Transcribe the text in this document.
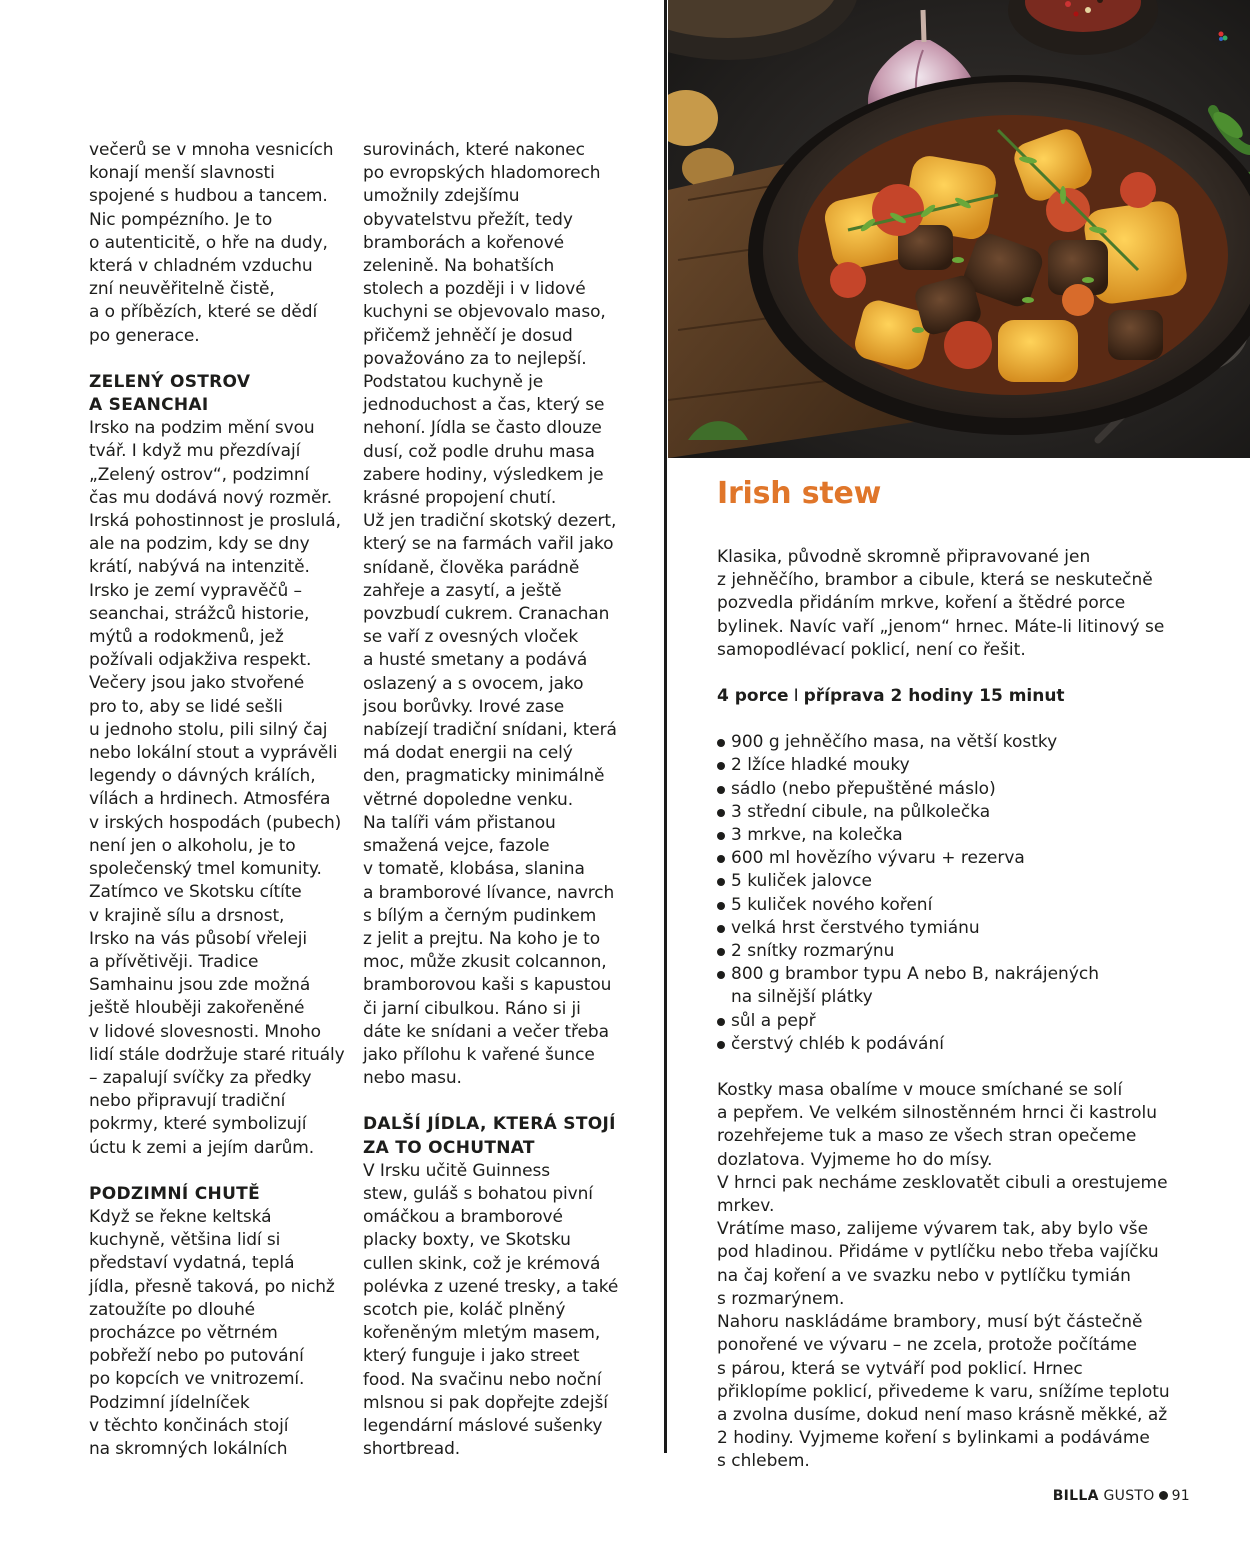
večerů se v mnoha vesnicích
konají menší slavnosti
spojené s hudbou a tancem.
Nic pompézního. Je to
o autenticitě, o hře na dudy,
která v chladném vzduchu
zní neuvěřitelně čistě,
a o příbězích, které se dědí
po generace.

ZELENÝ OSTROV
A SEANCHAI

Irsko na podzim mění svou
tvář. I když mu přezdívají
„Zelený ostrov“, podzimní
čas mu dodává nový rozměr.
Irská pohostinnost je proslulá,
ale na podzim, kdy se dny
krátí, nabývá na intenzitě.
Irsko je zemí vypravěčů –
seanchai, strážců historie,
mýtů a rodokmenů, jež
požívali odjakživa respekt.
Večery jsou jako stvořené
pro to, aby se lidé sešli
u jednoho stolu, pili silný čaj
nebo lokální stout a vyprávěli
legendy o dávných králích,
vílách a hrdinech. Atmosféra
v irských hospodách (pubech)
není jen o alkoholu, je to
společenský tmel komunity.
Zatímco ve Skotsku cítíte
v krajině sílu a drsnost,
Irsko na vás působí vřeleji
a přívětivěji. Tradice
Samhainu jsou zde možná
ještě hlouběji zakořeněné
v lidové slovesnosti. Mnoho
lidí stále dodržuje staré rituály
– zapalují svíčky za předky
nebo připravují tradiční
pokrmy, které symbolizují
úctu k zemi a jejím darům.

PODZIMNÍ CHUTĚ

Když se řekne keltská
kuchyně, většina lidí si
představí vydatná, teplá
jídla, přesně taková, po nichž
zatoužíte po dlouhé
procházce po větrném
pobřeží nebo po putování
po kopcích ve vnitrozemí.
Podzimní jídelníček
v těchto končinách stojí
na skromných lokálních

surovinách, které nakonec
po evropských hladomorech
umožnily zdejšímu
obyvatelstvu přežít, tedy
bramborách a kořenové
zelenině. Na bohatších
stolech a později i v lidové
kuchyni se objevovalo maso,
přičemž jehněčí je dosud
považováno za to nejlepší.
Podstatou kuchyně je
jednoduchost a čas, který se
nehoní. Jídla se často dlouze
dusí, což podle druhu masa
zabere hodiny, výsledkem je
krásné propojení chutí.
Už jen tradiční skotský dezert,
který se na farmách vařil jako
snídaně, člověka parádně
zahřeje a zasytí, a ještě
povzbudí cukrem. Cranachan
se vaří z ovesných vloček
a husté smetany a podává
oslazený a s ovocem, jako
jsou borůvky. Irové zase
nabízejí tradiční snídani, která
má dodat energii na celý
den, pragmaticky minimálně
větrné dopoledne venku.
Na talíři vám přistanou
smažená vejce, fazole
v tomatě, klobása, slanina
a bramborové lívance, navrch
s bílým a černým pudinkem
z jelit a prejtu. Na koho je to
moc, může zkusit colcannon,
bramborovou kaši s kapustou
či jarní cibulkou. Ráno si ji
dáte ke snídani a večer třeba
jako přílohu k vařené šunce
nebo masu.

DALŠÍ JÍDLA, KTERÁ STOJÍ
ZA TO OCHUTNAT

V Irsku učitě Guinness
stew, guláš s bohatou pivní
omáčkou a bramborové
placky boxty, ve Skotsku
cullen skink, což je krémová
polévka z uzené tresky, a také
scotch pie, koláč plněný
kořeněným mletým masem,
který funguje i jako street
food. Na svačinu nebo noční
mlsnou si pak dopřejte zdejší
legendární máslové sušenky
shortbread.

Irish stew

Klasika, původně skromně připravované jen
z jehněčího, brambor a cibule, která se neskutečně
pozvedla přidáním mrkve, koření a štědré porce
bylinek. Navíc vaří „jenom“ hrnec. Máte-li litinový se
samopodlévací poklicí, není co řešit.

4 porce I příprava 2 hodiny 15 minut

900 g jehněčího masa, na větší kostky
2 lžíce hladké mouky
sádlo (nebo přepuštěné máslo)
3 střední cibule, na půlkolečka
3 mrkve, na kolečka
600 ml hovězího vývaru + rezerva
5 kuliček jalovce
5 kuliček nového koření
velká hrst čerstvého tymiánu
2 snítky rozmarýnu
800 g brambor typu A nebo B, nakrájených
na silnější plátky
sůl a pepř
čerstvý chléb k podávání

Kostky masa obalíme v mouce smíchané se solí
a pepřem. Ve velkém silnostěnném hrnci či kastrolu
rozehřejeme tuk a maso ze všech stran opečeme
dozlatova. Vyjmeme ho do mísy.

V hrnci pak necháme zesklovatět cibuli a orestujeme
mrkev.

Vrátíme maso, zalijeme vývarem tak, aby bylo vše
pod hladinou. Přidáme v pytlíčku nebo třeba vajíčku
na čaj koření a ve svazku nebo v pytlíčku tymián
s rozmarýnem.

Nahoru naskládáme brambory, musí být částečně
ponořené ve vývaru – ne zcela, protože počítáme
s párou, která se vytváří pod poklicí. Hrnec
přiklopíme poklicí, přivedeme k varu, snížíme teplotu
a zvolna dusíme, dokud není maso krásně měkké, až
2 hodiny. Vyjmeme koření s bylinkami a podáváme
s chlebem.

BILLA GUSTO 91
